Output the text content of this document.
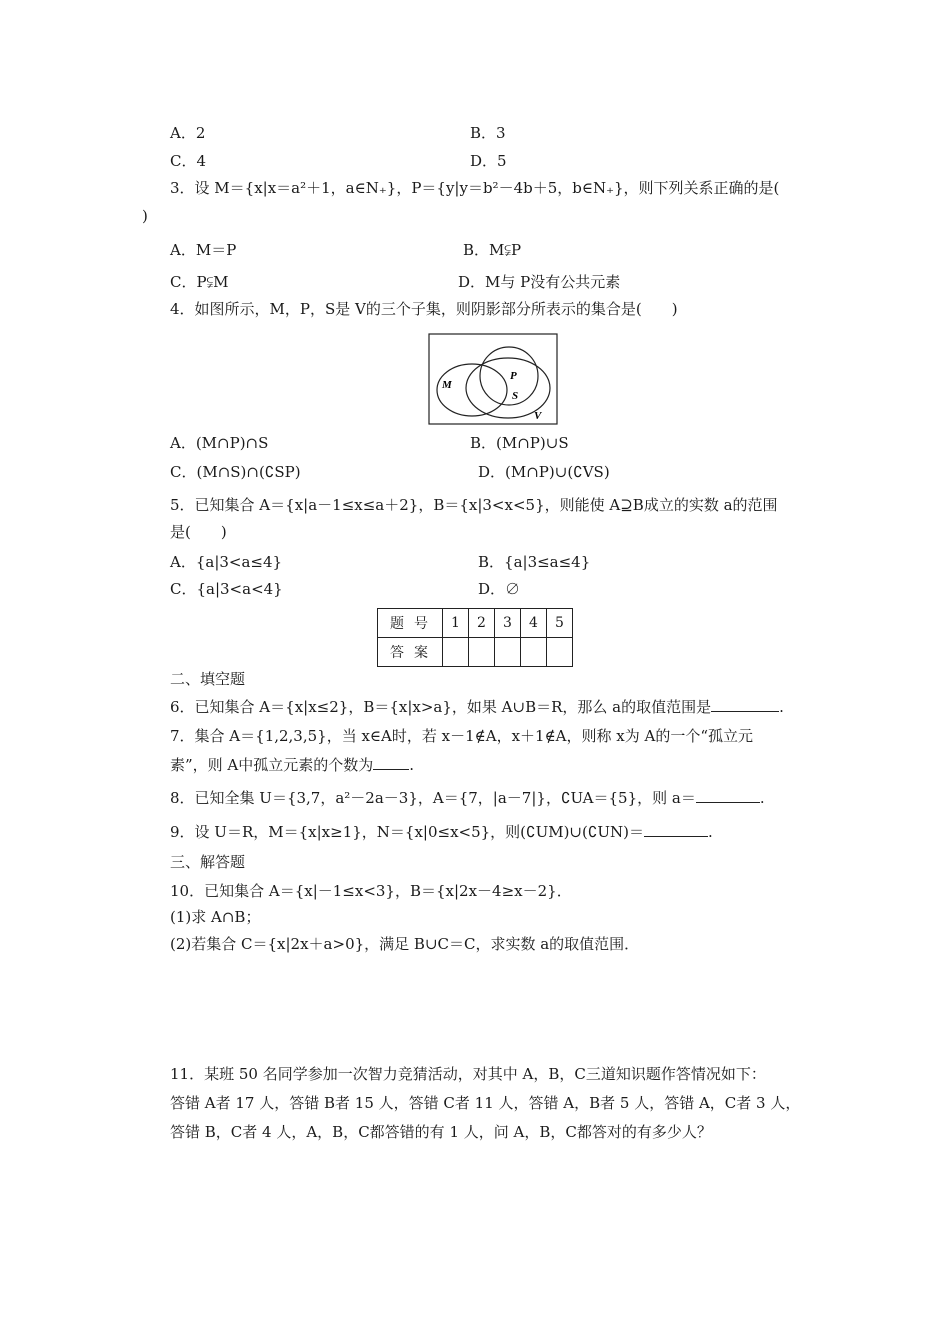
A．2	B．3
C．4	D．5
3．设 M＝{x|x＝a²＋1，a∈N₊}，P＝{y|y＝b²－4b＋5，b∈N₊}，则下列关系正确的是(
)
A．M＝P	B．M⫋P
C．P⫋M	D．M与 P没有公共元素
4．如图所示，M，P，S是 V的三个子集，则阴影部分所表示的集合是(　　)
M
P
S
V
A．(M∩P)∩S	B．(M∩P)∪S
C．(M∩S)∩(∁SP)	D．(M∩P)∪(∁VS)
5．已知集合 A＝{x|a－1≤x≤a＋2}，B＝{x|3<x<5}，则能使 A⊇B成立的实数 a的范围
是(　　)
A．{a|3<a≤4}	B．{a|3≤a≤4}
C．{a|3<a<4}	D．∅
题号	1	2	3	4	5
答案					
二、填空题
6．已知集合 A＝{x|x≤2}，B＝{x|x>a}，如果 A∪B＝R，那么 a的取值范围是	.
7．集合 A＝{1,2,3,5}，当 x∈A时，若 x－1∉A，x＋1∉A，则称 x为 A的一个“孤立元
素”，则 A中孤立元素的个数为 .
8．已知全集 U＝{3,7，a²－2a－3}，A＝{7，|a－7|}，∁UA＝{5}，则 a＝	.
9．设 U＝R，M＝{x|x≥1}，N＝{x|0≤x<5}，则(∁UM)∪(∁UN)＝	.
三、解答题
10．已知集合 A＝{x|－1≤x<3}，B＝{x|2x－4≥x－2}．
(1)求 A∩B；
(2)若集合 C＝{x|2x＋a>0}，满足 B∪C＝C，求实数 a的取值范围．
11．某班 50 名同学参加一次智力竞猜活动，对其中 A，B，C三道知识题作答情况如下：
答错 A者 17 人，答错 B者 15 人，答错 C者 11 人，答错 A，B者 5 人，答错 A，C者 3 人，
答错 B，C者 4 人，A，B，C都答错的有 1 人，问 A，B，C都答对的有多少人？
